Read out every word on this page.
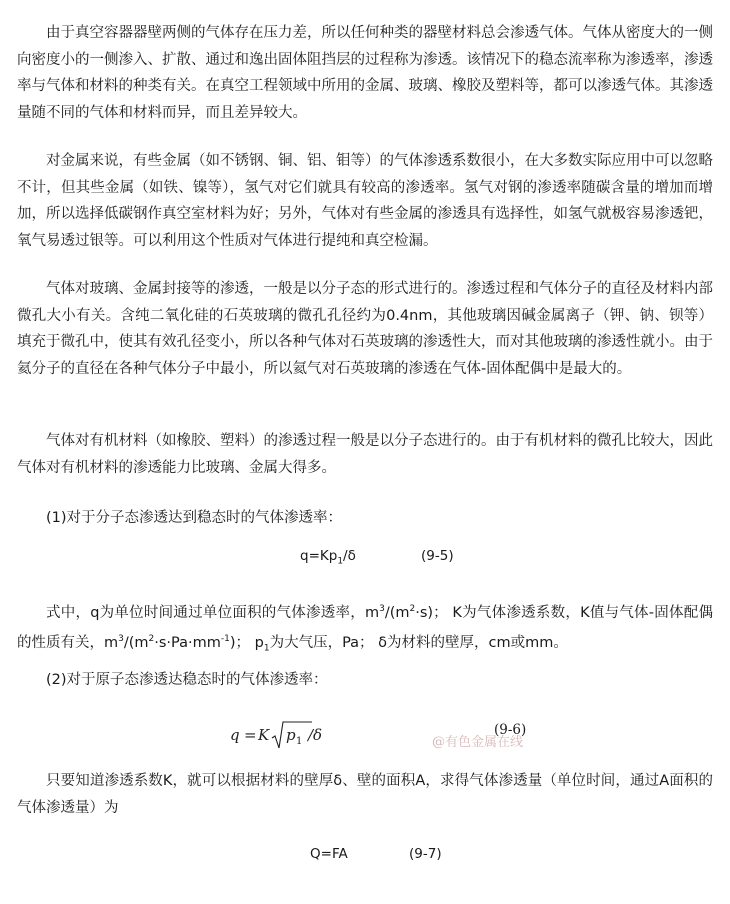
由于真空容器器壁两侧的气体存在压力差，所以任何种类的器壁材料总会渗透气体。气体从密度大的一侧向密度小的一侧渗入、扩散、通过和逸出固体阻挡层的过程称为渗透。该情况下的稳态流率称为渗透率，渗透率与气体和材料的种类有关。在真空工程领域中所用的金属、玻璃、橡胶及塑料等，都可以渗透气体。其渗透量随不同的气体和材料而异，而且差异较大。

对金属来说，有些金属（如不锈钢、铜、铝、钼等）的气体渗透系数很小，在大多数实际应用中可以忽略不计，但其些金属（如铁、镍等），氢气对它们就具有较高的渗透率。氢气对钢的渗透率随碳含量的增加而增加，所以选择低碳钢作真空室材料为好；另外，气体对有些金属的渗透具有选择性，如氢气就极容易渗透钯，氧气易透过银等。可以利用这个性质对气体进行提纯和真空检漏。

气体对玻璃、金属封接等的渗透，一般是以分子态的形式进行的。渗透过程和气体分子的直径及材料内部微孔大小有关。含纯二氧化硅的石英玻璃的微孔孔径约为0.4nm，其他玻璃因碱金属离子（钾、钠、钡等）填充于微孔中，使其有效孔径变小，所以各种气体对石英玻璃的渗透性大，而对其他玻璃的渗透性就小。由于氦分子的直径在各种气体分子中最小，所以氦气对石英玻璃的渗透在气体-固体配偶中是最大的。

气体对有机材料（如橡胶、塑料）的渗透过程一般是以分子态进行的。由于有机材料的微孔比较大，因此气体对有机材料的渗透能力比玻璃、金属大得多。

(1)对于分子态渗透达到稳态时的气体渗透率：

$q=Kp_1/\delta$	(9-5)

式中，q为单位时间通过单位面积的气体渗透率，$m^3/(m^2\cdot s)$； K为气体渗透系数，K值与气体-固体配偶的性质有关，$m^3/(m^2\cdot s\cdot Pa\cdot mm^{-1})$； $p_1$为大气压，Pa； δ为材料的壁厚，cm或mm。

(2)对于原子态渗透达稳态时的气体渗透率：

q = K p 1 /δ	(9-6)
@有色金属在线

只要知道渗透系数K，就可以根据材料的壁厚δ、壁的面积A，求得气体渗透量（单位时间，通过A面积的气体渗透量）为

Q=FA	(9-7)
